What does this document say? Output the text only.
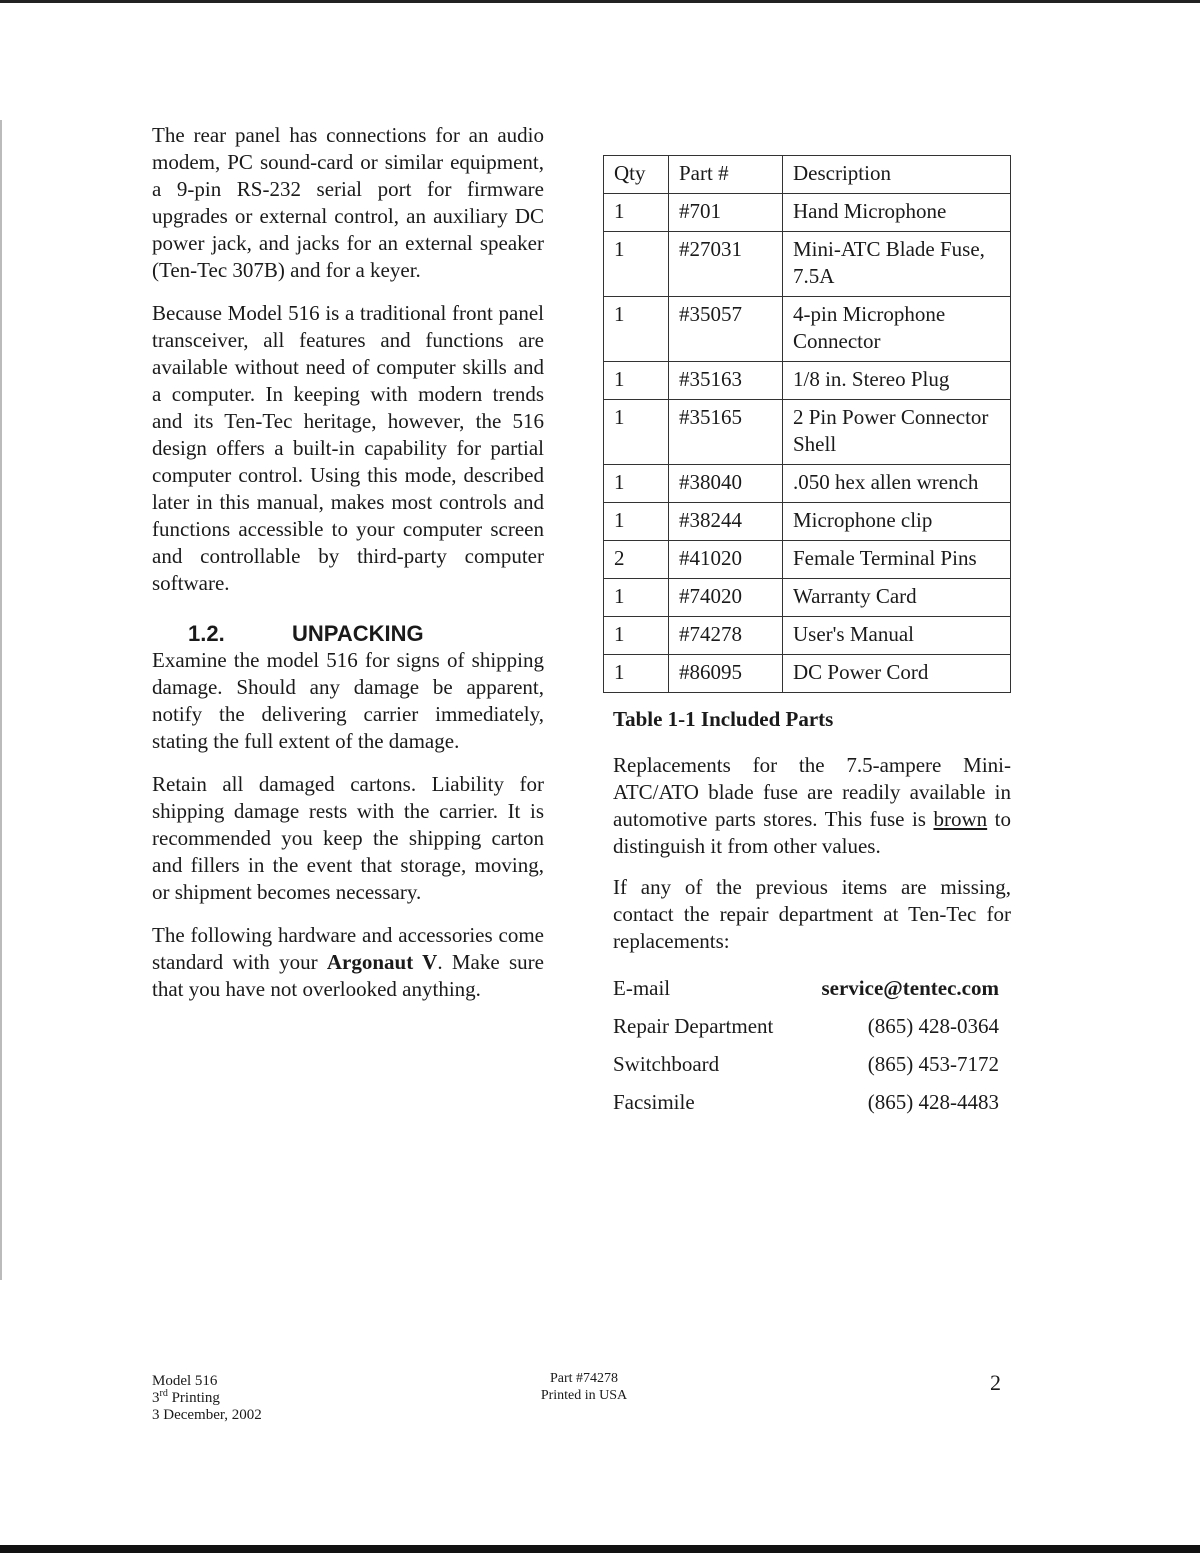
The rear panel has connections for an audio modem, PC sound-card or similar equipment, a 9-pin RS-232 serial port for firmware upgrades or external control, an auxiliary DC power jack, and jacks for an external speaker (Ten-Tec 307B) and for a keyer.

Because Model 516 is a traditional front panel transceiver, all features and functions are available without need of computer skills and a computer. In keeping with modern trends and its Ten-Tec heritage, however, the 516 design offers a built-in capability for partial computer control. Using this mode, described later in this manual, makes most controls and functions accessible to your computer screen and controllable by third-party computer software.

1.2.	UNPACKING

Examine the model 516 for signs of shipping damage. Should any damage be apparent, notify the delivering carrier immediately, stating the full extent of the damage.

Retain all damaged cartons. Liability for shipping damage rests with the carrier. It is recommended you keep the shipping carton and fillers in the event that storage, moving, or shipment becomes necessary.

The following hardware and accessories come standard with your Argonaut V. Make sure that you have not overlooked anything.

Qty	Part #	Description
1	#701	Hand Microphone
1	#27031	Mini-ATC Blade Fuse, 7.5A
1	#35057	4-pin Microphone Connector
1	#35163	1/8 in. Stereo Plug
1	#35165	2 Pin Power Connector Shell
1	#38040	.050 hex allen wrench
1	#38244	Microphone clip
2	#41020	Female Terminal Pins
1	#74020	Warranty Card
1	#74278	User's Manual
1	#86095	DC Power Cord
Table 1-1 Included Parts

Replacements for the 7.5-ampere Mini-ATC/ATO blade fuse are readily available in automotive parts stores. This fuse is brown to distinguish it from other values.

If any of the previous items are missing, contact the repair department at Ten-Tec for replacements:

E-mail	service@tentec.com
Repair Department	(865) 428-0364
Switchboard	(865) 453-7172
Facsimile	(865) 428-4483
Model 516
3rd Printing
3 December, 2002
Part #74278
Printed in USA
2
